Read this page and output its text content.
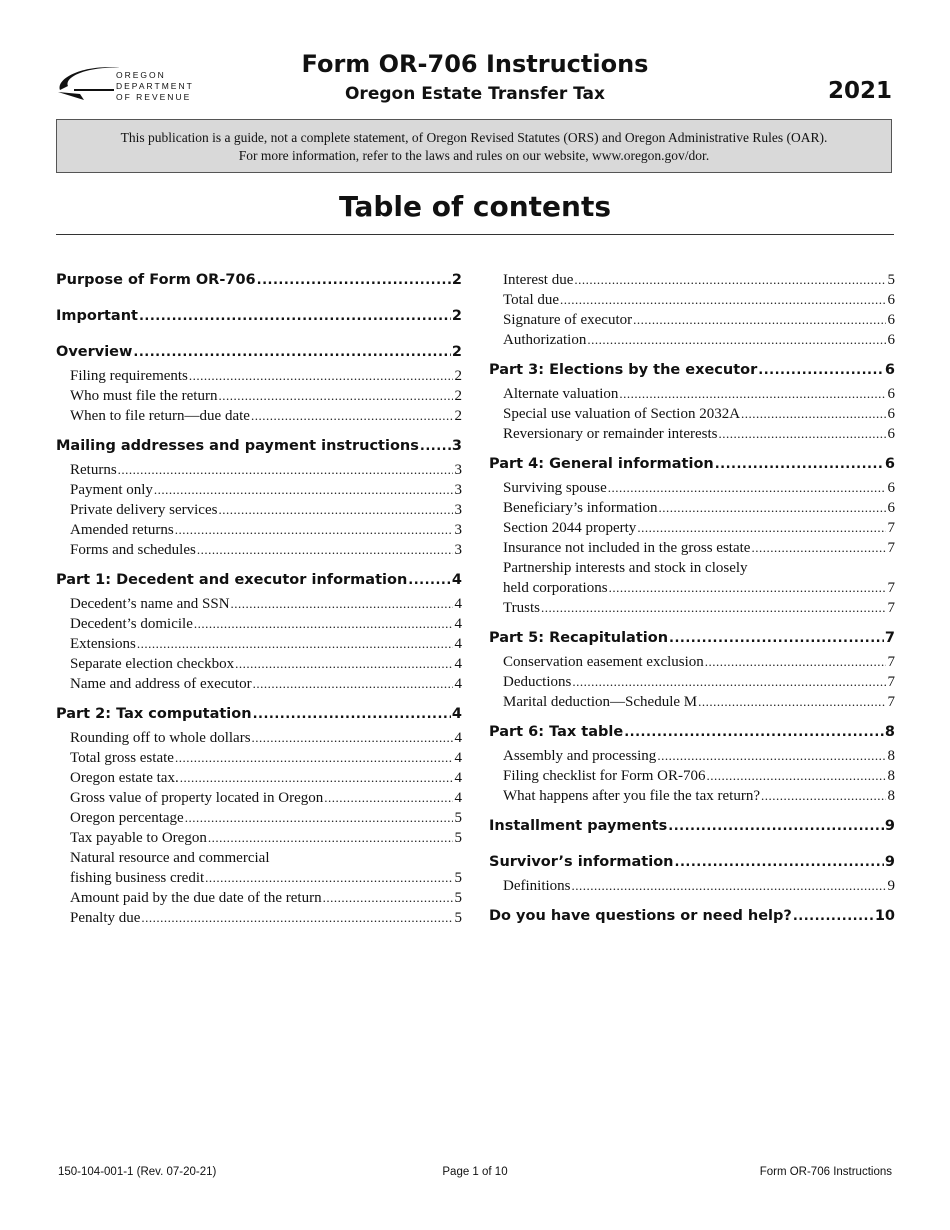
OREGON
DEPARTMENT
OF REVENUE
Form OR-706 Instructions
Oregon Estate Transfer Tax	2021
This publication is a guide, not a complete statement, of Oregon Revised Statutes (ORS) and Oregon Administrative Rules (OAR).
For more information, refer to the laws and rules on our website, www.oregon.gov/dor.
Table of contents
Purpose of Form OR-706 .....	2
Important .....	2
Overview .....	2
Filing requirements .....	2
Who must file the return .....	2
When to file return—due date .....	2
Mailing addresses and payment instructions ..... 3
Returns .....	3
Payment only .....	3
Private delivery services .....	3
Amended returns .....	3
Forms and schedules .....	3
Part 1: Decedent and executor information .....	4
Decedent’s name and SSN .....	4
Decedent’s domicile .....	4
Extensions .....	4
Separate election checkbox .....	4
Name and address of executor .....	4
Part 2: Tax computation .....	4
Rounding off to whole dollars .....	4
Total gross estate .....	4
Oregon estate tax. .....	4
Gross value of property located in Oregon .....	4
Oregon percentage .....	5
Tax payable to Oregon .....	5
Natural resource and commercial
fishing business credit .....	5
Amount paid by the due date of the return .....	5
Penalty due .....	5
Interest due .....	5
Total due .....	6
Signature of executor .....	6
Authorization .....	6
Part 3: Elections by the executor .....	6
Alternate valuation .....	6
Special use valuation of Section 2032A .....	6
Reversionary or remainder interests .....	6
Part 4: General information .....	6
Surviving spouse .....	6
Beneficiary’s information .....	6
Section 2044 property .....	7
Insurance not included in the gross estate .....	7
Partnership interests and stock in closely
held corporations .....	7
Trusts .....	7
Part 5: Recapitulation .....	7
Conservation easement exclusion .....	7
Deductions .....	7
Marital deduction—Schedule M .....	7
Part 6: Tax table .....	8
Assembly and processing .....	8
Filing checklist for Form OR-706 .....	8
What happens after you file the tax return? .....	8
Installment payments .....	9
Survivor’s information .....	9
Definitions .....	9
Do you have questions or need help? .....	10
150-104-001-1 (Rev. 07-20-21)	Page 1 of 10	Form OR-706 Instructions
